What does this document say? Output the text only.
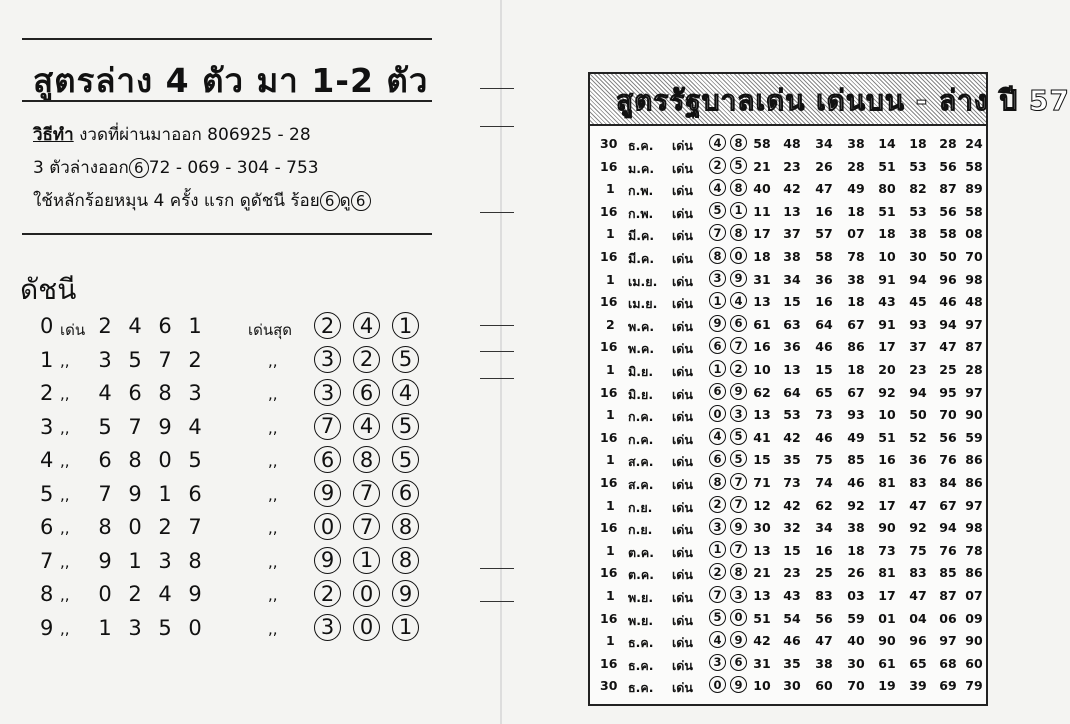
สูตรล่าง 4 ตัว มา 1-2 ตัว
วิธีทำ งวดที่ผ่านมาออก 806925 - 28
3 ตัวล่างออก 6 72 - 069 - 304 - 753
ใช้หลักร้อยหมุน 4 ครั้ง แรก ดูดัชนี ร้อย 6 ดู 6
ดัชนี
0 เด่น 2 4 6 1	เด่นสุด	2	4	1
1 ,, 3 5 7 2	,,	3	2	5
2 ,, 4 6 8 3	,,	3	6	4
3 ,, 5 7 9 4	,,	7	4	5
4 ,, 6 8 0 5	,,	6	8	5
5 ,, 7 9 1 6	,,	9	7	6
6 ,, 8 0 2 7	,,	0	7	8
7 ,, 9 1 3 8	,,	9	1	8
8 ,, 0 2 4 9	,,	2	0	9
9 ,, 1 3 5 0	,,	3	0	1
สูตรรัฐบาลเด่น เด่นบน - ล่าง ปี 57
30 ธ.ค. เด่น	4	8 58 48 34 38 14 18 28 24
16 ม.ค. เด่น	2	5 21 23 26 28 51 53 56 58
1 ก.พ. เด่น	4	8 40 42 47 49 80 82 87 89
16 ก.พ. เด่น	5	1 11 13 16 18 51 53 56 58
1 มี.ค. เด่น	7	8 17 37 57 07 18 38 58 08
16 มี.ค. เด่น	8	0 18 38 58 78 10 30 50 70
1 เม.ย. เด่น	3	9 31 34 36 38 91 94 96 98
16 เม.ย. เด่น	1	4 13 15 16 18 43 45 46 48
2 พ.ค. เด่น	9	6 61 63 64 67 91 93 94 97
16 พ.ค. เด่น	6	7 16 36 46 86 17 37 47 87
1 มิ.ย. เด่น	1	2 10 13 15 18 20 23 25 28
16 มิ.ย. เด่น	6	9 62 64 65 67 92 94 95 97
1 ก.ค. เด่น	0	3 13 53 73 93 10 50 70 90
16 ก.ค. เด่น	4	5 41 42 46 49 51 52 56 59
1 ส.ค. เด่น	6	5 15 35 75 85 16 36 76 86
16 ส.ค. เด่น	8	7 71 73 74 46 81 83 84 86
1 ก.ย. เด่น	2	7 12 42 62 92 17 47 67 97
16 ก.ย. เด่น	3	9 30 32 34 38 90 92 94 98
1 ต.ค. เด่น	1	7 13 15 16 18 73 75 76 78
16 ต.ค. เด่น	2	8 21 23 25 26 81 83 85 86
1 พ.ย. เด่น	7	3 13 43 83 03 17 47 87 07
16 พ.ย. เด่น	5	0 51 54 56 59 01 04 06 09
1 ธ.ค. เด่น	4	9 42 46 47 40 90 96 97 90
16 ธ.ค. เด่น	3	6 31 35 38 30 61 65 68 60
30 ธ.ค. เด่น	0	9 10 30 60 70 19 39 69 79
